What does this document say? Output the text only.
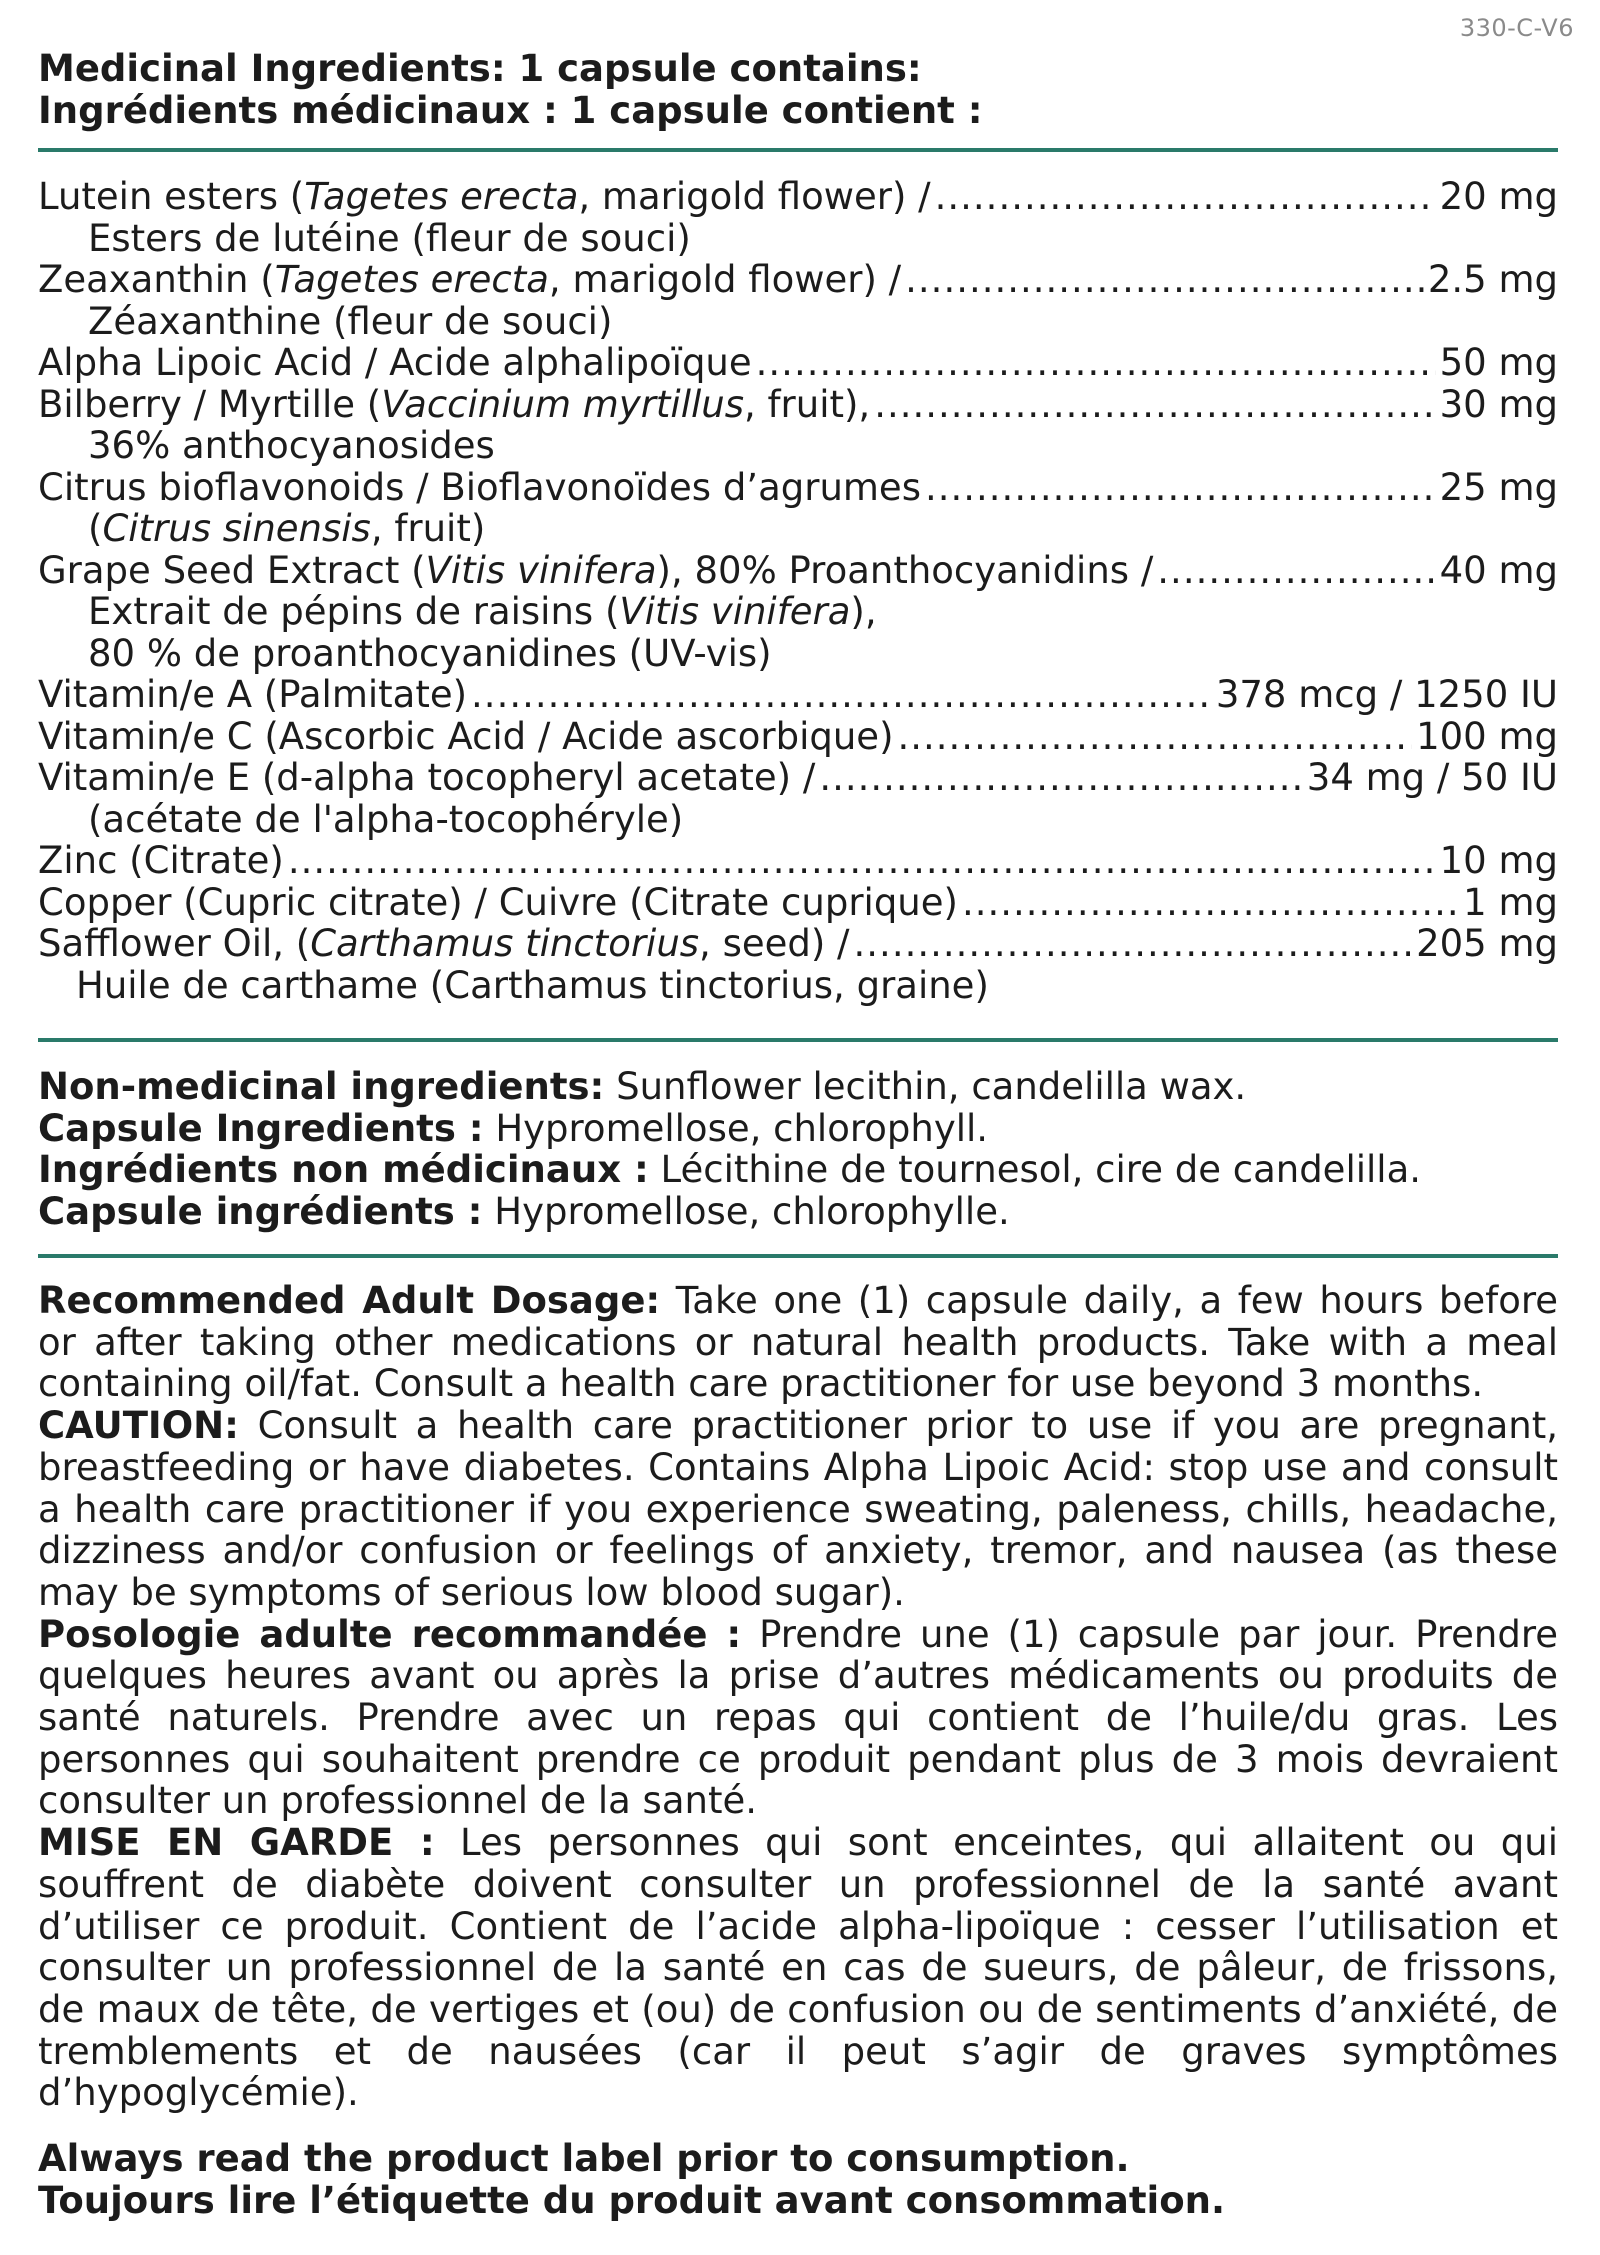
330-C-V6
Medicinal Ingredients: 1 capsule contains:
Ingrédients médicinaux : 1 capsule contient :
Lutein esters (Tagetes erecta, marigold flower) / .....	20 mg
Esters de lutéine (fleur de souci)
Zeaxanthin (Tagetes erecta, marigold flower) / .....	2.5 mg
Zéaxanthine (fleur de souci)
Alpha Lipoic Acid / Acide alphalipoïque .....	50 mg
Bilberry / Myrtille (Vaccinium myrtillus, fruit), .....	30 mg
36% anthocyanosides
Citrus bioflavonoids / Bioflavonoïdes d’agrumes .....	25 mg
(Citrus sinensis, fruit)
Grape Seed Extract (Vitis vinifera), 80% Proanthocyanidins / .....	40 mg
Extrait de pépins de raisins (Vitis vinifera),
80 % de proanthocyanidines (UV-vis)
Vitamin/e A (Palmitate) .....	378 mcg / 1250 IU
Vitamin/e C (Ascorbic Acid / Acide ascorbique) .....	100 mg
Vitamin/e E (d-alpha tocopheryl acetate) / .....	34 mg / 50 IU
(acétate de l'alpha-tocophéryle)
Zinc (Citrate) .....	10 mg
Copper (Cupric citrate) / Cuivre (Citrate cuprique) .....	1 mg
Safflower Oil, (Carthamus tinctorius, seed) / .....	205 mg
Huile de carthame (Carthamus tinctorius, graine)
Non-medicinal ingredients: Sunflower lecithin, candelilla wax.
Capsule Ingredients : Hypromellose, chlorophyll.
Ingrédients non médicinaux : Lécithine de tournesol, cire de candelilla.
Capsule ingrédients : Hypromellose, chlorophylle.

Recommended Adult Dosage: Take one (1) capsule daily, a few hours before or after taking other medications or natural health products. Take with a meal containing oil/fat. Consult a health care practitioner for use beyond 3 months.

CAUTION: Consult a health care practitioner prior to use if you are pregnant, breastfeeding or have diabetes. Contains Alpha Lipoic Acid: stop use and consult a health care practitioner if you experience sweating, paleness, chills, headache, dizziness and/or confusion or feelings of anxiety, tremor, and nausea (as these may be symptoms of serious low blood sugar).

Posologie adulte recommandée : Prendre une (1) capsule par jour. Prendre quelques heures avant ou après la prise d’autres médicaments ou produits de santé naturels. Prendre avec un repas qui contient de l’huile/du gras. Les personnes qui souhaitent prendre ce produit pendant plus de 3 mois devraient consulter un professionnel de la santé.

MISE EN GARDE : Les personnes qui sont enceintes, qui allaitent ou qui souffrent de diabète doivent consulter un professionnel de la santé avant d’utiliser ce produit. Contient de l’acide alpha-lipoïque : cesser l’utilisation et consulter un professionnel de la santé en cas de sueurs, de pâleur, de frissons, de maux de tête, de vertiges et (ou) de confusion ou de sentiments d’anxiété, de tremblements et de nausées (car il peut s’agir de graves symptômes d’hypoglycémie).

Always read the product label prior to consumption.
Toujours lire l’étiquette du produit avant consommation.
